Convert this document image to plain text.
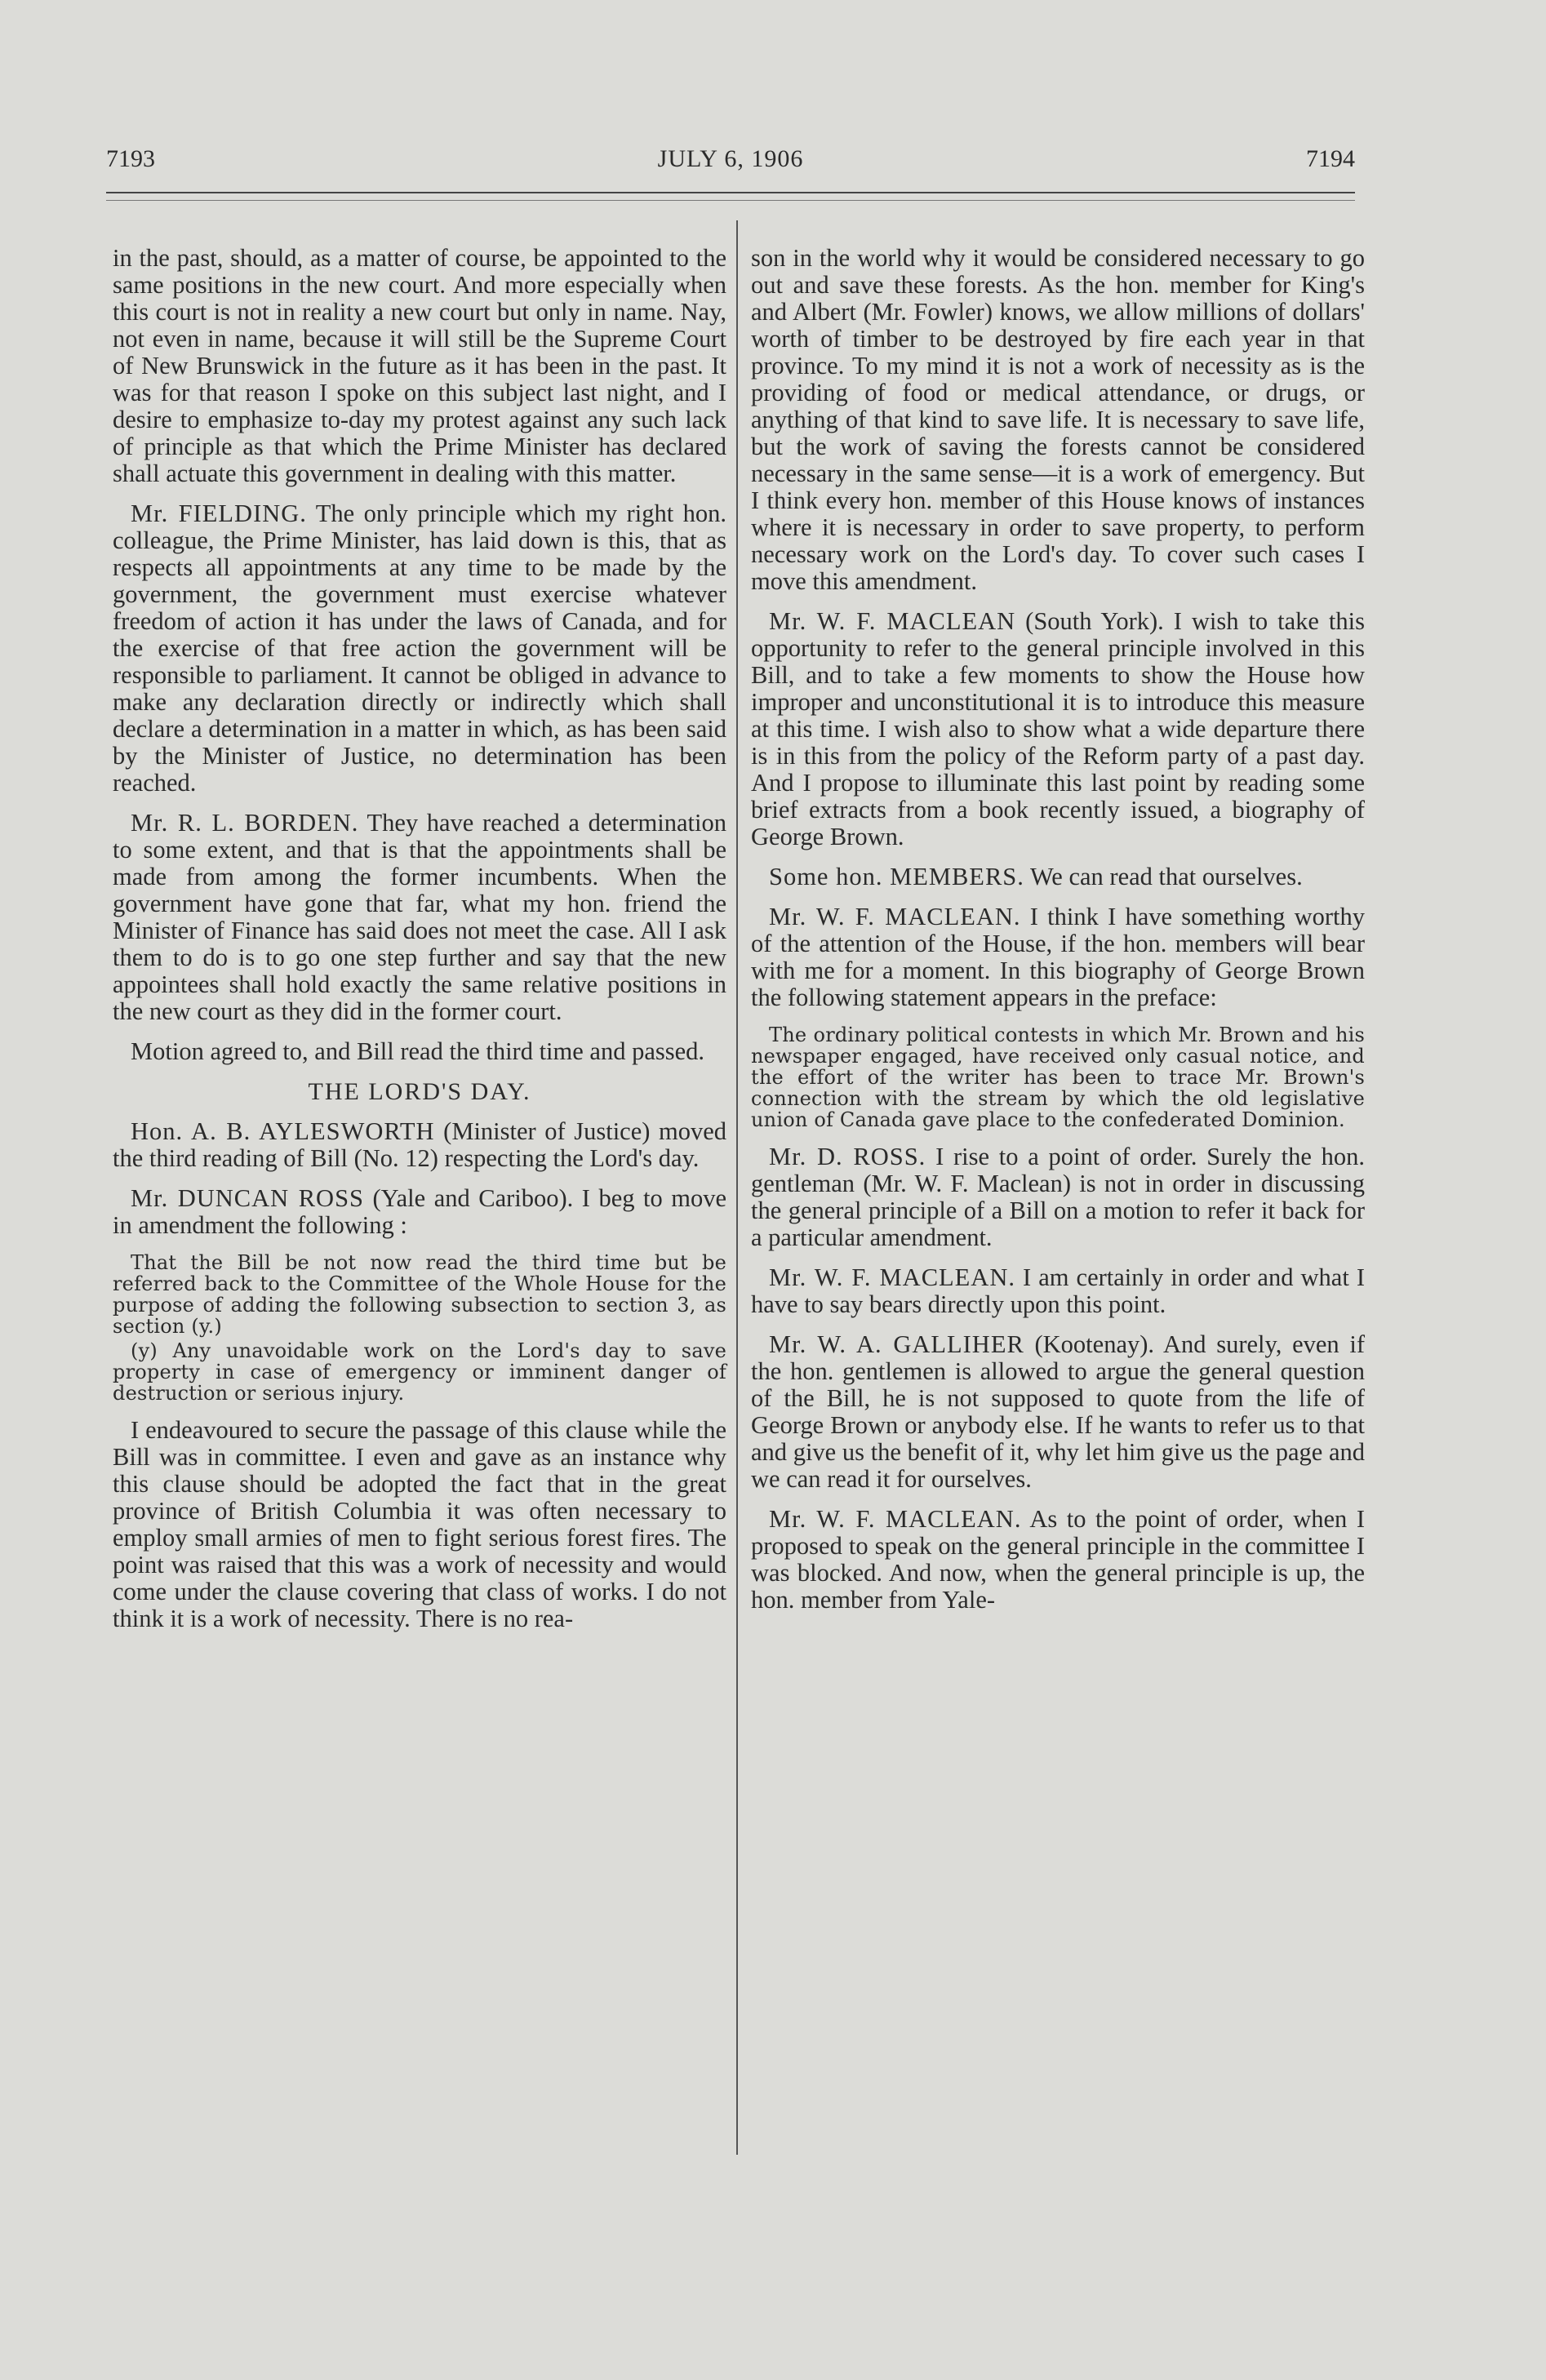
7193	JULY 6, 1906	7194

in the past, should, as a matter of course, be appointed to the same positions in the new court. And more especially when this court is not in reality a new court but only in name. Nay, not even in name, because it will still be the Supreme Court of New Brunswick in the future as it has been in the past. It was for that reason I spoke on this subject last night, and I desire to emphasize to-day my protest against any such lack of principle as that which the Prime Minister has declared shall actuate this government in dealing with this matter.

Mr. FIELDING. The only principle which my right hon. colleague, the Prime Minister, has laid down is this, that as respects all appointments at any time to be made by the government, the government must exercise whatever freedom of action it has under the laws of Canada, and for the exercise of that free action the government will be responsible to parliament. It cannot be obliged in advance to make any declaration directly or indirectly which shall declare a determination in a matter in which, as has been said by the Minister of Justice, no determination has been reached.

Mr. R. L. BORDEN. They have reached a determination to some extent, and that is that the appointments shall be made from among the former incumbents. When the government have gone that far, what my hon. friend the Minister of Finance has said does not meet the case. All I ask them to do is to go one step further and say that the new appointees shall hold exactly the same relative positions in the new court as they did in the former court.

Motion agreed to, and Bill read the third time and passed.

THE LORD'S DAY.

Hon. A. B. AYLESWORTH (Minister of Justice) moved the third reading of Bill (No. 12) respecting the Lord's day.

Mr. DUNCAN ROSS (Yale and Cariboo). I beg to move in amendment the following :

That the Bill be not now read the third time but be referred back to the Committee of the Whole House for the purpose of adding the following subsection to section 3, as section (y.)

(y) Any unavoidable work on the Lord's day to save property in case of emergency or imminent danger of destruction or serious injury.

I endeavoured to secure the passage of this clause while the Bill was in committee. I even and gave as an instance why this clause should be adopted the fact that in the great province of British Columbia it was often necessary to employ small armies of men to fight serious forest fires. The point was raised that this was a work of necessity and would come under the clause covering that class of works. I do not think it is a work of necessity. There is no rea-

son in the world why it would be considered necessary to go out and save these forests. As the hon. member for King's and Albert (Mr. Fowler) knows, we allow millions of dollars' worth of timber to be destroyed by fire each year in that province. To my mind it is not a work of necessity as is the providing of food or medical attendance, or drugs, or anything of that kind to save life. It is necessary to save life, but the work of saving the forests cannot be considered necessary in the same sense—it is a work of emergency. But I think every hon. member of this House knows of instances where it is necessary in order to save property, to perform necessary work on the Lord's day. To cover such cases I move this amendment.

Mr. W. F. MACLEAN (South York). I wish to take this opportunity to refer to the general principle involved in this Bill, and to take a few moments to show the House how improper and unconstitutional it is to introduce this measure at this time. I wish also to show what a wide departure there is in this from the policy of the Reform party of a past day. And I propose to illuminate this last point by reading some brief extracts from a book recently issued, a biography of George Brown.

Some hon. MEMBERS. We can read that ourselves.

Mr. W. F. MACLEAN. I think I have something worthy of the attention of the House, if the hon. members will bear with me for a moment. In this biography of George Brown the following statement appears in the preface:

The ordinary political contests in which Mr. Brown and his newspaper engaged, have received only casual notice, and the effort of the writer has been to trace Mr. Brown's connection with the stream by which the old legislative union of Canada gave place to the confederated Dominion.

Mr. D. ROSS. I rise to a point of order. Surely the hon. gentleman (Mr. W. F. Maclean) is not in order in discussing the general principle of a Bill on a motion to refer it back for a particular amendment.

Mr. W. F. MACLEAN. I am certainly in order and what I have to say bears directly upon this point.

Mr. W. A. GALLIHER (Kootenay). And surely, even if the hon. gentlemen is allowed to argue the general question of the Bill, he is not supposed to quote from the life of George Brown or anybody else. If he wants to refer us to that and give us the benefit of it, why let him give us the page and we can read it for ourselves.

Mr. W. F. MACLEAN. As to the point of order, when I proposed to speak on the general principle in the committee I was blocked. And now, when the general principle is up, the hon. member from Yale-
